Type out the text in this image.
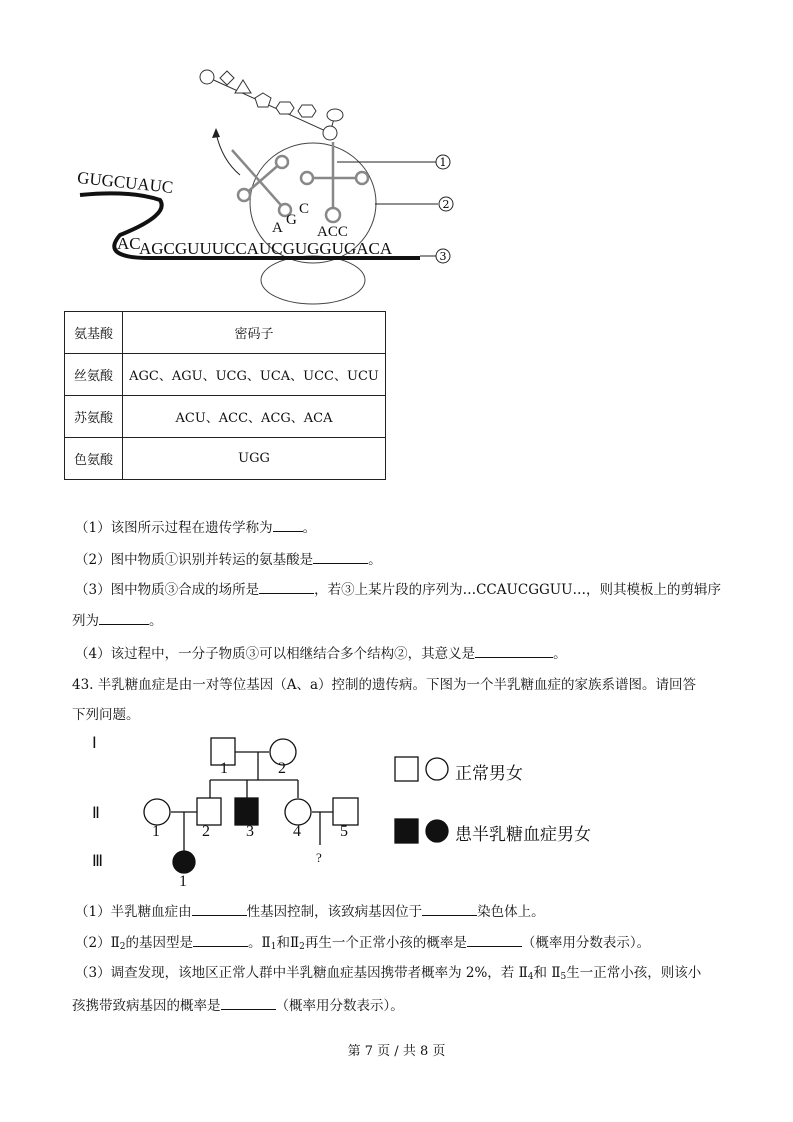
GUGCUAUC
AC
AGCGUUUCCAUCGUGGUGACA
A G
C
ACC
1
2
3
氨基酸	密码子
丝氨酸	AGC、AGU、UCG、UCA、UCC、UCU
苏氨酸	ACU、ACC、ACG、ACA
色氨酸	UGG
（1）该图所示过程在遗传学称为 。
（2）图中物质①识别并转运的氨基酸是	。
（3）图中物质③合成的场所是	，若③上某片段的序列为…CCAUCGGUU…，则其模板上的剪辑序
列为	。
（4）该过程中，一分子物质③可以相继结合多个结构②，其意义是	。
43. 半乳糖血症是由一对等位基因（A、a）控制的遗传病。下图为一个半乳糖血症的家族系谱图。请回答
下列问题。
Ⅰ
Ⅱ
Ⅲ
1	2
1	2 3 4 5
1
?
正常男女
患半乳糖血症男女
（1）半乳糖血症由	性基因控制，该致病基因位于	染色体上。
$(2)Ⅱ_2$的基因型是	。$Ⅱ_1$和$Ⅱ_2$再生一个正常小孩的概率是	（概率用分数表示）。
（3）调查发现，该地区正常人群中半乳糖血症基因携带者概率为 2%，若 $Ⅱ_4$和 $Ⅱ_5$生一正常小孩，则该小
孩携带致病基因的概率是	（概率用分数表示）。
第 7 页 / 共 8 页
